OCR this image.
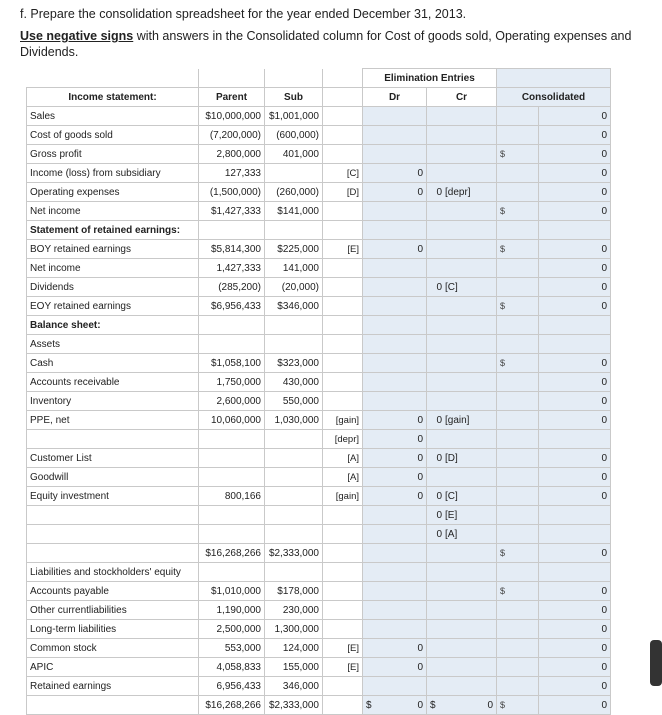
f. Prepare the consolidation spreadsheet for the year ended December 31, 2013.

Use negative signs with answers in the Consolidated column for Cost of goods sold, Operating expenses and Dividends.

				Elimination Entries			
Income statement:	Parent	Sub		Dr	Cr	Consolidated	
Sales	$10,000,000	$1,001,000					0
Cost of goods sold	(7,200,000)	(600,000)					0
Gross profit	2,800,000	401,000				$	0
Income (loss) from subsidiary	127,333		[C]	0			0
Operating expenses	(1,500,000)	(260,000)	[D]	0	0 [depr]		0
Net income	$1,427,333	$141,000				$	0
Statement of retained earnings:							
BOY retained earnings	$5,814,300	$225,000	[E]	0		$	0
Net income	1,427,333	141,000					0
Dividends	(285,200)	(20,000)			0 [C]		0
EOY retained earnings	$6,956,433	$346,000				$	0
Balance sheet:							
Assets							
Cash	$1,058,100	$323,000				$	0
Accounts receivable	1,750,000	430,000					0
Inventory	2,600,000	550,000					0
PPE, net	10,060,000	1,030,000	[gain]	0	0 [gain]		0
			[depr]	0			
Customer List			[A]	0	0 [D]		0
Goodwill			[A]	0			0
Equity investment	800,166		[gain]	0	0 [C]		0
					0 [E]		
					0 [A]		
	$16,268,266	$2,333,000				$	0
Liabilities and stockholders' equity							
Accounts payable	$1,010,000	$178,000				$	0
Other currentliabilities	1,190,000	230,000					0
Long-term liabilities	2,500,000	1,300,000					0
Common stock	553,000	124,000	[E]	0			0
APIC	4,058,833	155,000	[E]	0			0
Retained earnings	6,956,433	346,000					0
	$16,268,266	$2,333,000		$ 0	$ 0	$	0
